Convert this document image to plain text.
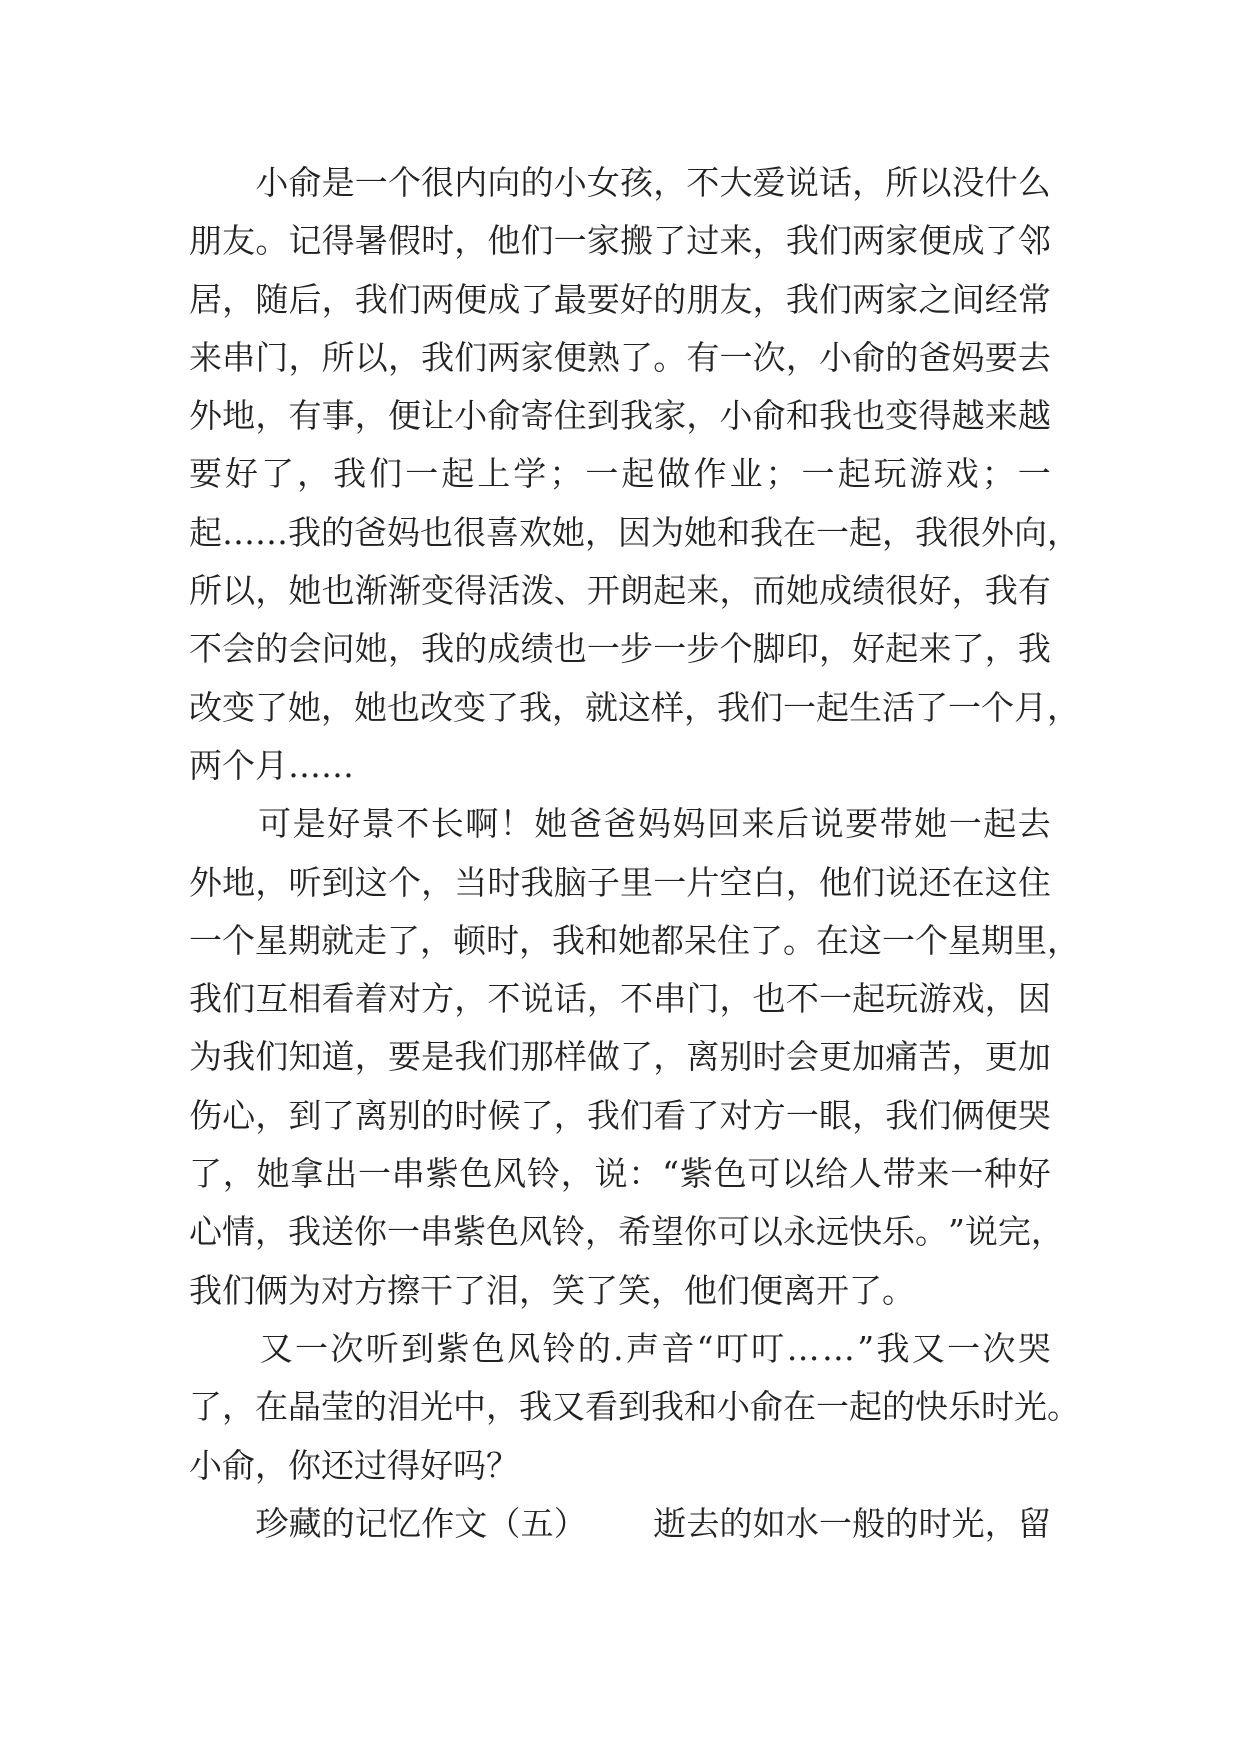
小 俞 是 一 个 很 内 向 的 小 女 孩 ， 不 大 爱 说 话 ， 所 以 没 什 么
朋 友 。 记 得 暑 假 时 ， 他 们 一 家 搬 了 过 来 ， 我 们 两 家 便 成 了 邻
居 ， 随 后 ， 我 们 两 便 成 了 最 要 好 的 朋 友 ， 我 们 两 家 之 间 经 常
来 串 门 ， 所 以 ， 我 们 两 家 便 熟 了 。 有 一 次 ， 小 俞 的 爸 妈 要 去
外 地 ， 有 事 ， 便 让 小 俞 寄 住 到 我 家 ， 小 俞 和 我 也 变 得 越 来 越
要 好 了 ， 我 们 一 起 上 学 ； 一 起 做 作 业 ； 一 起 玩 游 戏 ； 一
起 … … 我 的 爸 妈 也 很 喜 欢 她 ， 因 为 她 和 我 在 一 起 ， 我 很 外 向 ，
所 以 ， 她 也 渐 渐 变 得 活 泼 、 开 朗 起 来 ， 而 她 成 绩 很 好 ， 我 有
不 会 的 会 问 她 ， 我 的 成 绩 也 一 步 一 步 个 脚 印 ， 好 起 来 了 ， 我
改 变 了 她 ， 她 也 改 变 了 我 ， 就 这 样 ， 我 们 一 起 生 活 了 一 个 月 ，
两个月……

可 是 好 景 不 长 啊 ！ 她 爸 爸 妈 妈 回 来 后 说 要 带 她 一 起 去
外 地 ， 听 到 这 个 ， 当 时 我 脑 子 里 一 片 空 白 ， 他 们 说 还 在 这 住
一 个 星 期 就 走 了 ， 顿 时 ， 我 和 她 都 呆 住 了 。 在 这 一 个 星 期 里 ，
我 们 互 相 看 着 对 方 ， 不 说 话 ， 不 串 门 ， 也 不 一 起 玩 游 戏 ， 因
为 我 们 知 道 ， 要 是 我 们 那 样 做 了 ， 离 别 时 会 更 加 痛 苦 ， 更 加
伤 心 ， 到 了 离 别 的 时 候 了 ， 我 们 看 了 对 方 一 眼 ， 我 们 俩 便 哭
了 ， 她 拿 出 一 串 紫 色 风 铃 ， 说 ： “ 紫 色 可 以 给 人 带 来 一 种 好
心 情 ， 我 送 你 一 串 紫 色 风 铃 ， 希 望 你 可 以 永 远 快 乐 。 ” 说 完 ，
我们俩为对方擦干了泪，笑了笑，他们便离开了。

又 一 次 听 到 紫 色 风 铃 的 . 声 音 “ 叮 叮 … … ” 我 又 一 次 哭
了 ， 在 晶 莹 的 泪 光 中 ， 我 又 看 到 我 和 小 俞 在 一 起 的 快 乐 时 光 。
小俞，你还过得好吗？

珍 藏 的 记 忆 作 文 （ 五 ）

　 逝 去 的 如 水 一 般 的 时 光 ， 留
